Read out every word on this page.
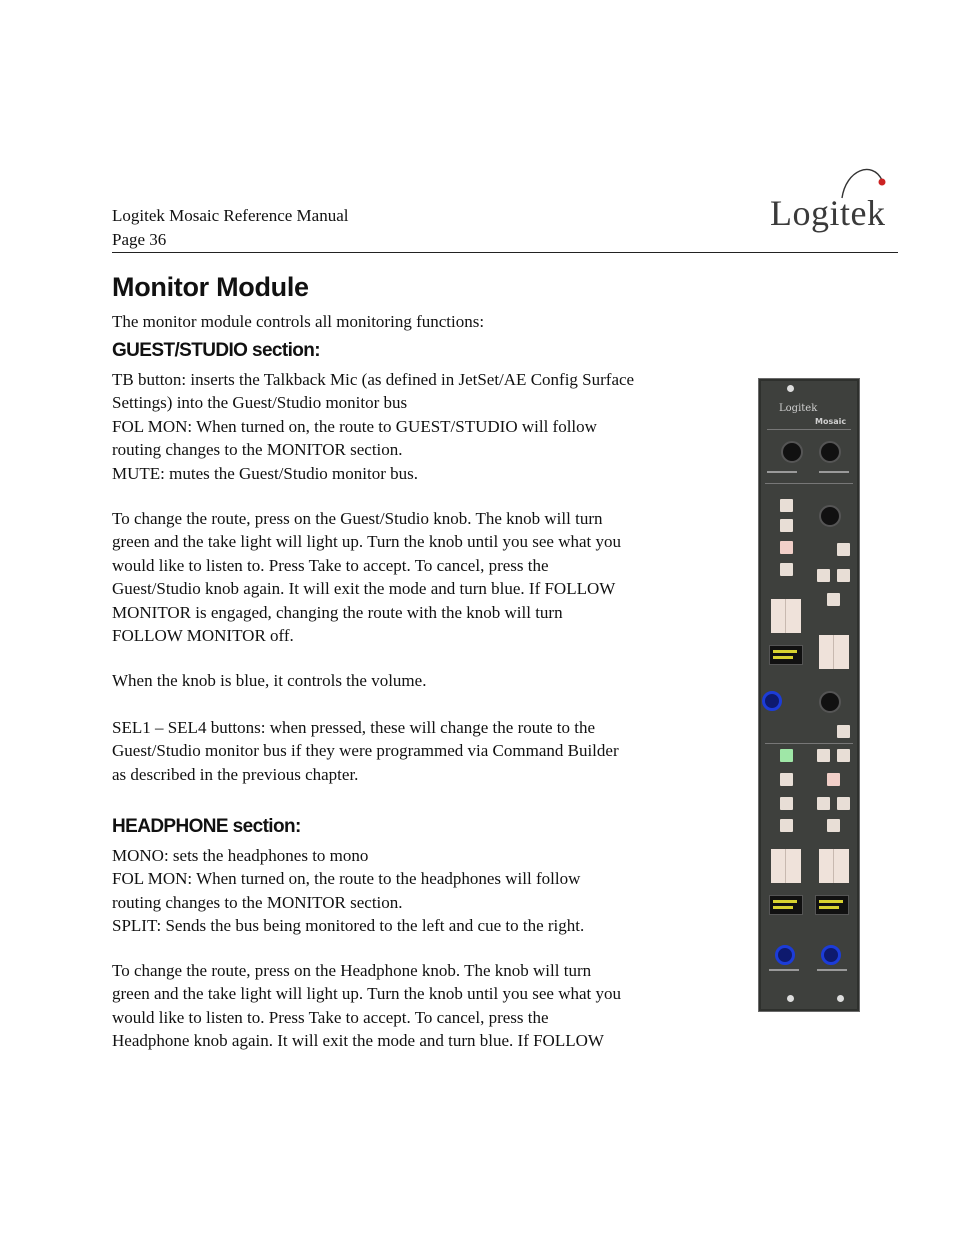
Logitek Mosaic Reference Manual
Page 36
Logitek
Monitor Module
The monitor module controls all monitoring functions:
GUEST/STUDIO section:
TB button: inserts the Talkback Mic (as defined in JetSet/AE Config Surface
Settings) into the Guest/Studio monitor bus
FOL MON: When turned on, the route to GUEST/STUDIO will follow
routing changes to the MONITOR section.
MUTE: mutes the Guest/Studio monitor bus.
To change the route, press on the Guest/Studio knob. The knob will turn
green and the take light will light up. Turn the knob until you see what you
would like to listen to. Press Take to accept. To cancel, press the
Guest/Studio knob again. It will exit the mode and turn blue. If FOLLOW
MONITOR is engaged, changing the route with the knob will turn
FOLLOW MONITOR off.
When the knob is blue, it controls the volume.
SEL1 – SEL4 buttons: when pressed, these will change the route to the
Guest/Studio monitor bus if they were programmed via Command Builder
as described in the previous chapter.
HEADPHONE section:
MONO: sets the headphones to mono
FOL MON: When turned on, the route to the headphones will follow
routing changes to the MONITOR section.
SPLIT: Sends the bus being monitored to the left and cue to the right.
To change the route, press on the Headphone knob. The knob will turn
green and the take light will light up. Turn the knob until you see what you
would like to listen to. Press Take to accept. To cancel, press the
Headphone knob again. It will exit the mode and turn blue. If FOLLOW
Logitek
Mosaic
